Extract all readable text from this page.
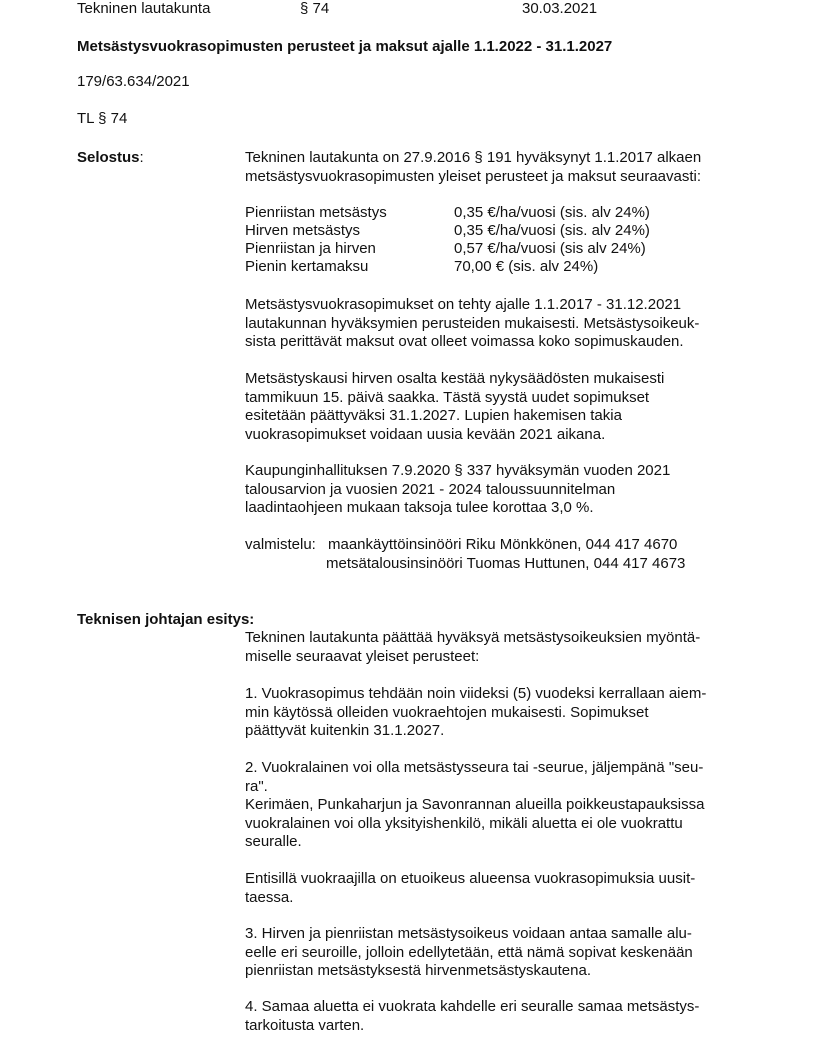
Tekninen lautakunta	§ 74	30.03.2021
Metsästysvuokrasopimusten perusteet ja maksut ajalle 1.1.2022 - 31.1.2027
179/63.634/2021
TL § 74
Selostus:	Tekninen lautakunta on 27.9.2016 § 191 hyväksynyt 1.1.2017 alkaen

metsästysvuokrasopimusten yleiset perusteet ja maksut seuraavasti:

Pienriistan metsästys	0,35 €/ha/vuosi (sis. alv 24%)
Hirven metsästys	0,35 €/ha/vuosi (sis. alv 24%)
Pienriistan ja hirven	0,57 €/ha/vuosi (sis alv 24%)
Pienin kertamaksu	70,00 € (sis. alv 24%)

Metsästysvuokrasopimukset on tehty ajalle 1.1.2017 - 31.12.2021

lautakunnan hyväksymien perusteiden mukaisesti. Metsästysoikeuk-

sista perittävät maksut ovat olleet voimassa koko sopimuskauden.

Metsästyskausi hirven osalta kestää nykysäädösten mukaisesti

tammikuun 15. päivä saakka. Tästä syystä uudet sopimukset

esitetään päättyväksi 31.1.2027. Lupien hakemisen takia

vuokrasopimukset voidaan uusia kevään 2021 aikana.

Kaupunginhallituksen 7.9.2020 § 337 hyväksymän vuoden 2021

talousarvion ja vuosien 2021 - 2024 taloussuunnitelman

laadintaohjeen mukaan taksoja tulee korottaa 3,0 %.

valmistelu: maankäyttöinsinööri Riku Mönkkönen, 044 417 4670
metsätalousinsinööri Tuomas Huttunen, 044 417 4673
Teknisen johtajan esitys:

Tekninen lautakunta päättää hyväksyä metsästysoikeuksien myöntä-

miselle seuraavat yleiset perusteet:

1. Vuokrasopimus tehdään noin viideksi (5) vuodeksi kerrallaan aiem-

min käytössä olleiden vuokraehtojen mukaisesti. Sopimukset

päättyvät kuitenkin 31.1.2027.

2. Vuokralainen voi olla metsästysseura tai -seurue, jäljempänä "seu-

ra".

Kerimäen, Punkaharjun ja Savonrannan alueilla poikkeustapauksissa

vuokralainen voi olla yksityishenkilö, mikäli aluetta ei ole vuokrattu

seuralle.

Entisillä vuokraajilla on etuoikeus alueensa vuokrasopimuksia uusit-

taessa.

3. Hirven ja pienriistan metsästysoikeus voidaan antaa samalle alu-

eelle eri seuroille, jolloin edellytetään, että nämä sopivat keskenään

pienriistan metsästyksestä hirvenmetsästyskautena.

4. Samaa aluetta ei vuokrata kahdelle eri seuralle samaa metsästys-

tarkoitusta varten.
